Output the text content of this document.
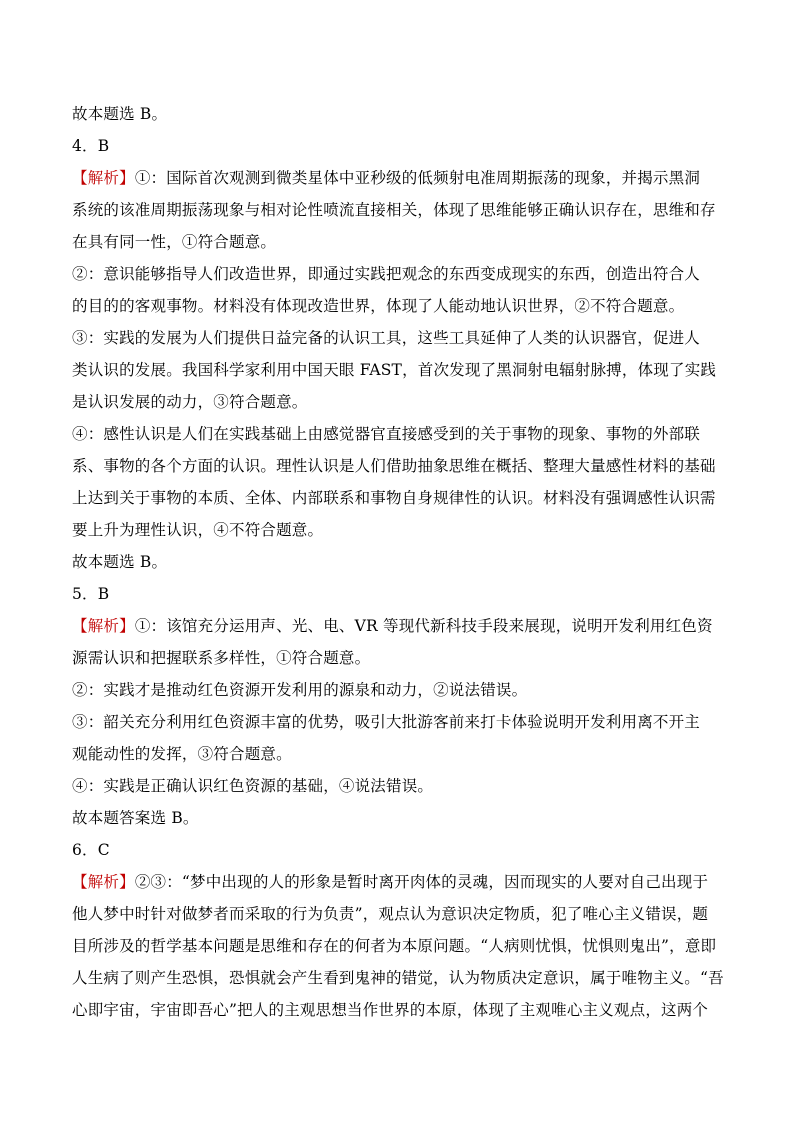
故本题选 B。
4．B
【解析】①：国际首次观测到微类星体中亚秒级的低频射电准周期振荡的现象，并揭示黑洞
系统的该准周期振荡现象与相对论性喷流直接相关，体现了思维能够正确认识存在，思维和存
在具有同一性，①符合题意。
②：意识能够指导人们改造世界，即通过实践把观念的东西变成现实的东西，创造出符合人
的目的的客观事物。材料没有体现改造世界，体现了人能动地认识世界，②不符合题意。
③：实践的发展为人们提供日益完备的认识工具，这些工具延伸了人类的认识器官，促进人
类认识的发展。我国科学家利用中国天眼 FAST，首次发现了黑洞射电辐射脉搏，体现了实践
是认识发展的动力，③符合题意。
④：感性认识是人们在实践基础上由感觉器官直接感受到的关于事物的现象、事物的外部联
系、事物的各个方面的认识。理性认识是人们借助抽象思维在概括、整理大量感性材料的基础
上达到关于事物的本质、全体、内部联系和事物自身规律性的认识。材料没有强调感性认识需
要上升为理性认识，④不符合题意。
故本题选 B。
5．B
【解析】①：该馆充分运用声、光、电、VR 等现代新科技手段来展现，说明开发利用红色资
源需认识和把握联系多样性，①符合题意。
②：实践才是推动红色资源开发利用的源泉和动力，②说法错误。
③：韶关充分利用红色资源丰富的优势，吸引大批游客前来打卡体验说明开发利用离不开主
观能动性的发挥，③符合题意。
④：实践是正确认识红色资源的基础，④说法错误。
故本题答案选 B。
6．C
【解析】②③：“梦中出现的人的形象是暂时离开肉体的灵魂，因而现实的人要对自己出现于
他人梦中时针对做梦者而采取的行为负责”，观点认为意识决定物质，犯了唯心主义错误，题
目所涉及的哲学基本问题是思维和存在的何者为本原问题。“人病则忧惧，忧惧则鬼出”，意即
人生病了则产生恐惧，恐惧就会产生看到鬼神的错觉，认为物质决定意识，属于唯物主义。“吾
心即宇宙，宇宙即吾心”把人的主观思想当作世界的本原，体现了主观唯心主义观点，这两个
